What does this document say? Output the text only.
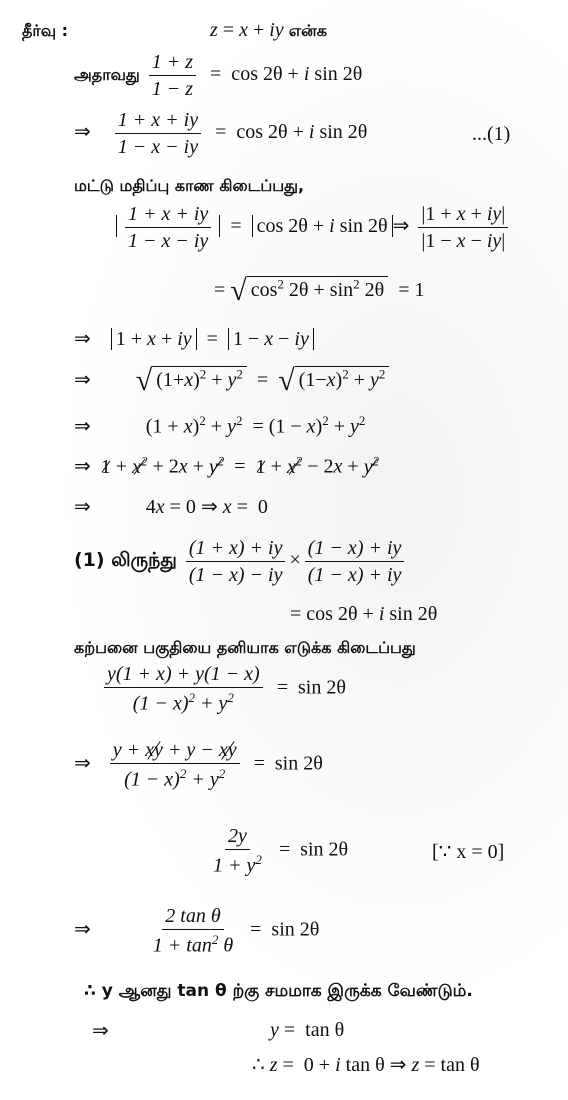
தீர்வு :	z = x + iy என்க
அதாவது $\frac{1 + z}{1 - z} = \cos 2\theta + i$ sin 2θ
⇒ $\frac{1 + x + iy}{1 - x - iy} = \cos 2\theta + i$ sin 2θ	...(1)
மட்டு மதிப்பு காண கிடைப்பது,
$\frac{1 + x + iy}{1 - x - iy} = \cos 2\theta + i$ sin 2θ ⇒ $\frac{|1 + x + iy|}{|1 - x - iy|}$
= √ $\cos^2 2\theta + \sin^2 2\theta = 1$
⇒ 1 + x + iy  =  1 − x − iy
⇒ √ $(1+x)^2 + y^2$  =  √ $(1-x)^2 + y^2$
⇒           $(1 + x)^2 + y^2 = (1 - x)^2 + y^2$
⇒ $1 + x^2 + 2x + y^2 = 1 + x^2 - 2x + y^2$
⇒           4x = 0 ⇒ x =  0
(1) லிருந்து $\frac{(1 + x) + iy}{(1 - x) - iy} \times \frac{(1 - x) + iy}{(1 - x) + iy}$
= cos 2θ + i sin 2θ
கற்பனை பகுதியை தனியாக எடுக்க கிடைப்பது
$\frac{y(1 + x) + y(1 - x)}{(1 - x)^2 + y^2} = \sin 2\theta$
⇒ $\frac{y + xy + y - xy}{(1 - x)^2 + y^2} = \sin 2\theta$
$\frac{2y}{1 + y^2} = \sin 2\theta$	[∵ x = 0]
⇒	$\frac{\text{2 tan θ}}{1 + \tan^2 \theta} = \sin 2\theta$
∴ y ஆனது tan θ ற்கு சமமாக இருக்க வேண்டும்.
⇒	y =  tan θ
∴ z =  0 + i tan θ ⇒ z = tan θ
